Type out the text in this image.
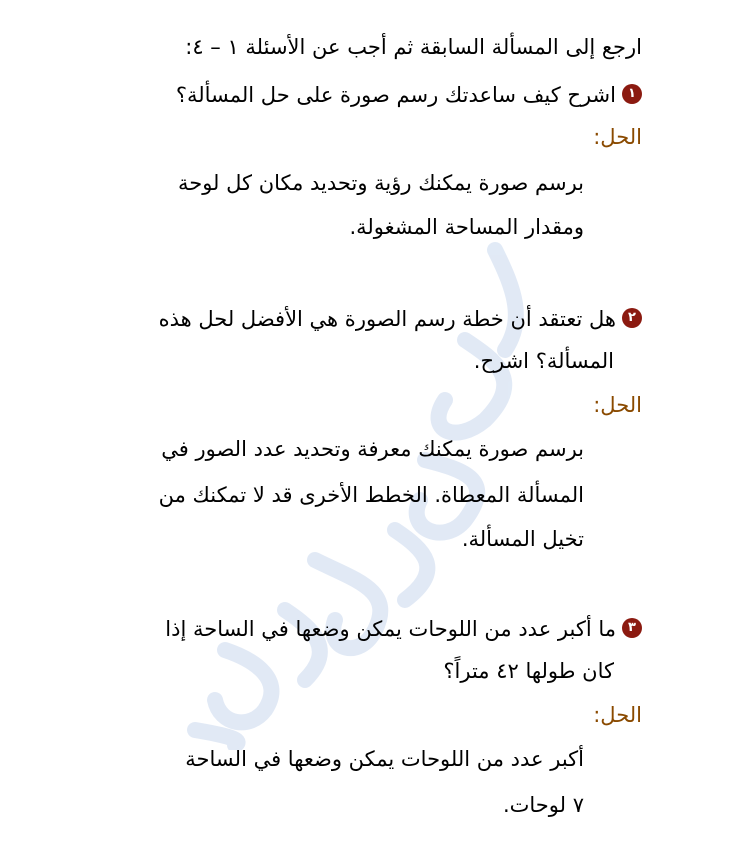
ارجع إلى المسألة السابقة ثم أجب عن الأسئلة ١ – ٤:
١اشرح كيف ساعدتك رسم صورة على حل المسألة؟
الحل:
برسم صورة يمكنك رؤية وتحديد مكان كل لوحة
ومقدار المساحة المشغولة.
٢هل تعتقد أن خطة رسم الصورة هي الأفضل لحل هذه
المسألة؟ اشرح.
الحل:
برسم صورة يمكنك معرفة وتحديد عدد الصور في
المسألة المعطاة. الخطط الأخرى قد لا تمكنك من
تخيل المسألة.
٣ما أكبر عدد من اللوحات يمكن وضعها في الساحة إذا
كان طولها ٤٢ متراً؟
الحل:
أكبر عدد من اللوحات يمكن وضعها في الساحة
٧ لوحات.
